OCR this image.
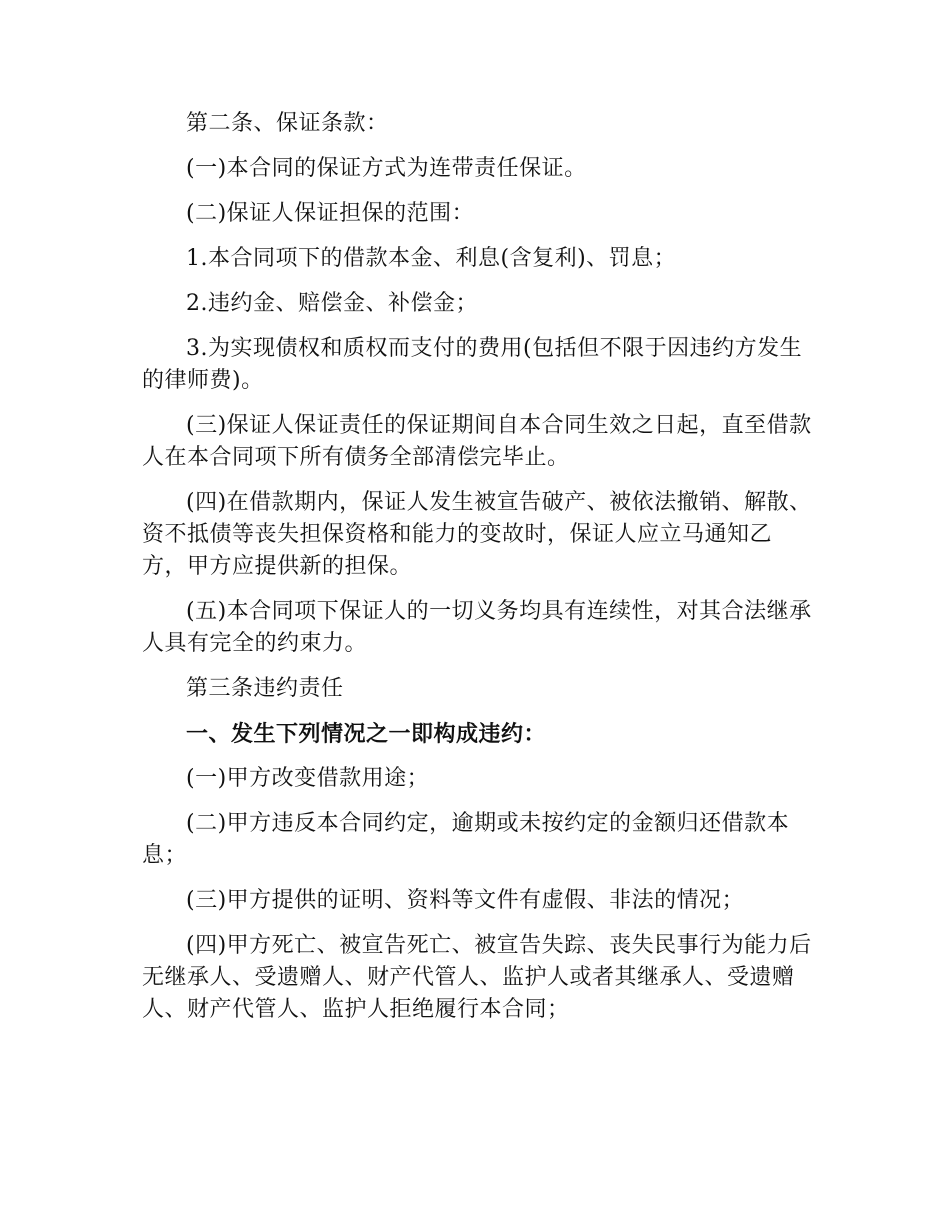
第二条、保证条款：

(一)本合同的保证方式为连带责任保证。

(二)保证人保证担保的范围：

1.本合同项下的借款本金、利息(含复利)、罚息；

2.违约金、赔偿金、补偿金；

3.为实现债权和质权而支付的费用(包括但不限于因违约方发生的律师费)。

(三)保证人保证责任的保证期间自本合同生效之日起，直至借款人在本合同项下所有债务全部清偿完毕止。

(四)在借款期内，保证人发生被宣告破产、被依法撤销、解散、资不抵债等丧失担保资格和能力的变故时，保证人应立马通知乙方，甲方应提供新的担保。

(五)本合同项下保证人的一切义务均具有连续性，对其合法继承人具有完全的约束力。

第三条违约责任

一、发生下列情况之一即构成违约：

(一)甲方改变借款用途；

(二)甲方违反本合同约定，逾期或未按约定的金额归还借款本息；

(三)甲方提供的证明、资料等文件有虚假、非法的情况；

(四)甲方死亡、被宣告死亡、被宣告失踪、丧失民事行为能力后无继承人、受遗赠人、财产代管人、监护人或者其继承人、受遗赠人、财产代管人、监护人拒绝履行本合同；
